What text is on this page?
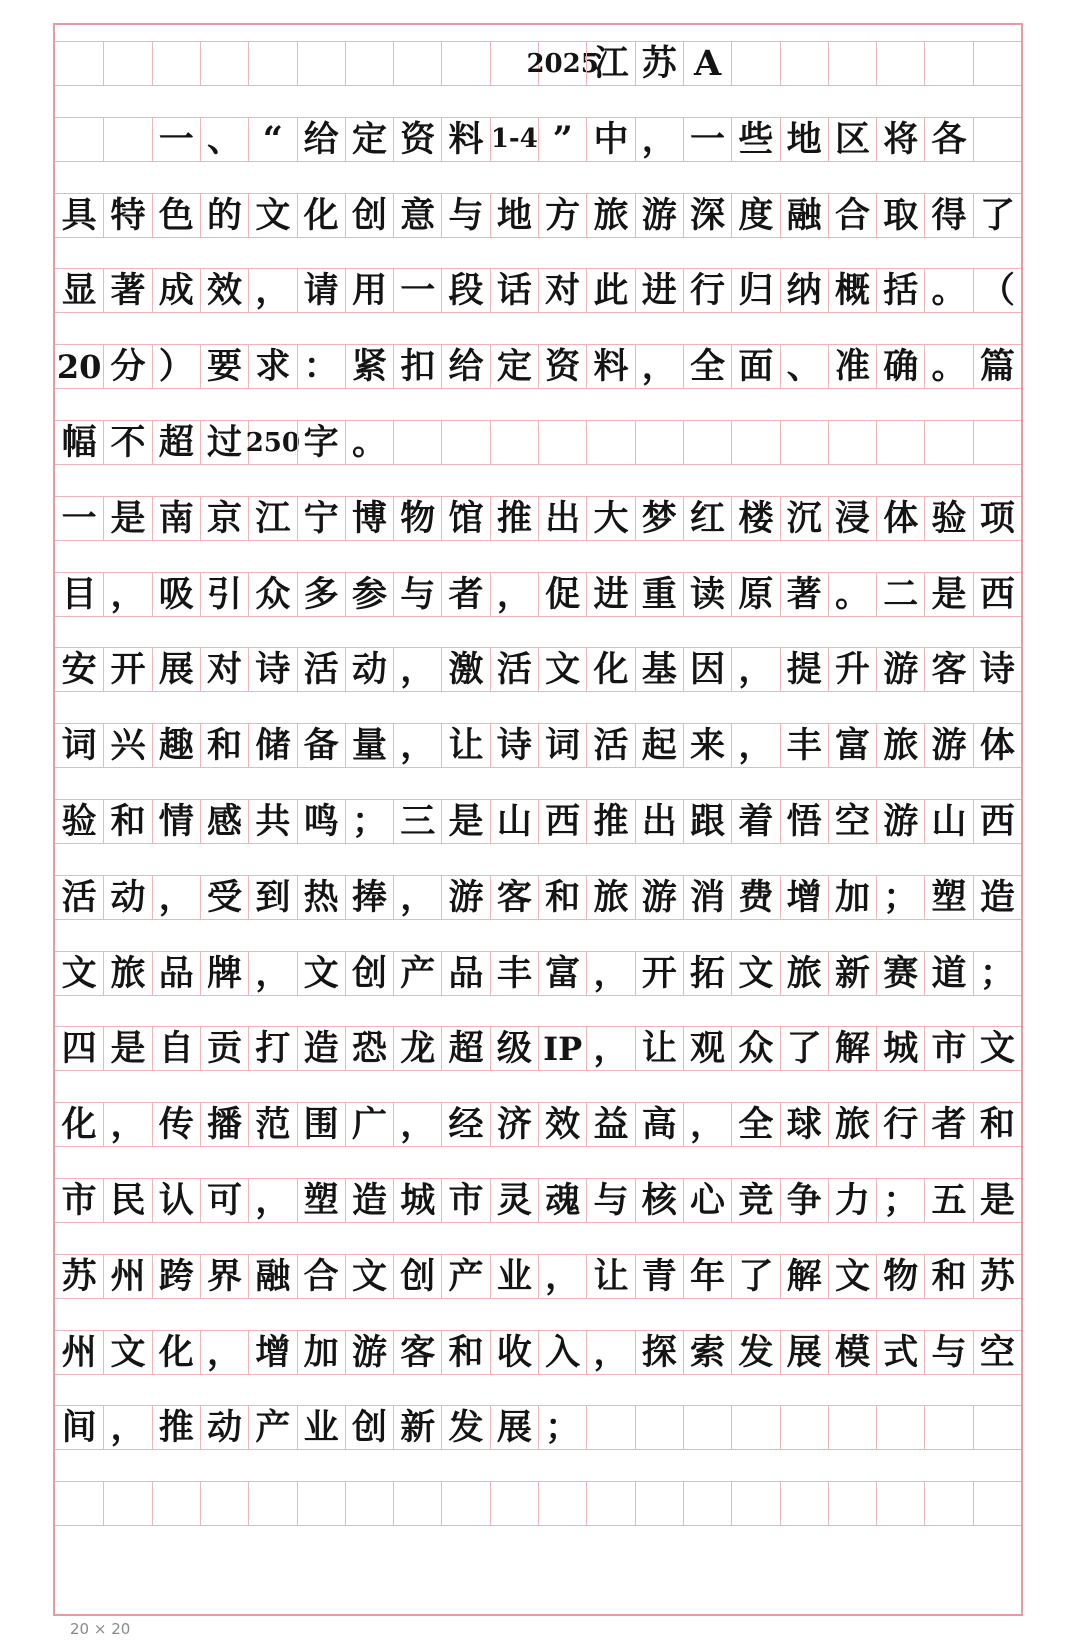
2025
江 苏 A
一 、 “ 给 定 资 料 1-4 ” 中 ， 一 些 地 区 将 各
具 特 色 的 文 化 创 意 与 地 方 旅 游 深 度 融 合 取 得 了
显 著 成 效 ， 请 用 一 段 话 对 此 进 行 归 纳 概 括 。 （
20 分 ） 要 求 ： 紧 扣 给 定 资 料 ， 全 面 、 准 确 。 篇
幅 不 超 过 250 字 。
一 是 南 京 江 宁 博 物 馆 推 出 大 梦 红 楼 沉 浸 体 验 项
目 ， 吸 引 众 多 参 与 者 ， 促 进 重 读 原 著 。 二 是 西
安 开 展 对 诗 活 动 ， 激 活 文 化 基 因 ， 提 升 游 客 诗
词 兴 趣 和 储 备 量 ， 让 诗 词 活 起 来 ， 丰 富 旅 游 体
验 和 情 感 共 鸣 ； 三 是 山 西 推 出 跟 着 悟 空 游 山 西
活 动 ， 受 到 热 捧 ， 游 客 和 旅 游 消 费 增 加 ； 塑 造
文 旅 品 牌 ， 文 创 产 品 丰 富 ， 开 拓 文 旅 新 赛 道 ；
四 是 自 贡 打 造 恐 龙 超 级 IP ， 让 观 众 了 解 城 市 文
化 ， 传 播 范 围 广 ， 经 济 效 益 高 ， 全 球 旅 行 者 和
市 民 认 可 ， 塑 造 城 市 灵 魂 与 核 心 竞 争 力 ； 五 是
苏 州 跨 界 融 合 文 创 产 业 ， 让 青 年 了 解 文 物 和 苏
州 文 化 ， 增 加 游 客 和 收 入 ， 探 索 发 展 模 式 与 空
间 ， 推 动 产 业 创 新 发 展 ；
20 × 20
